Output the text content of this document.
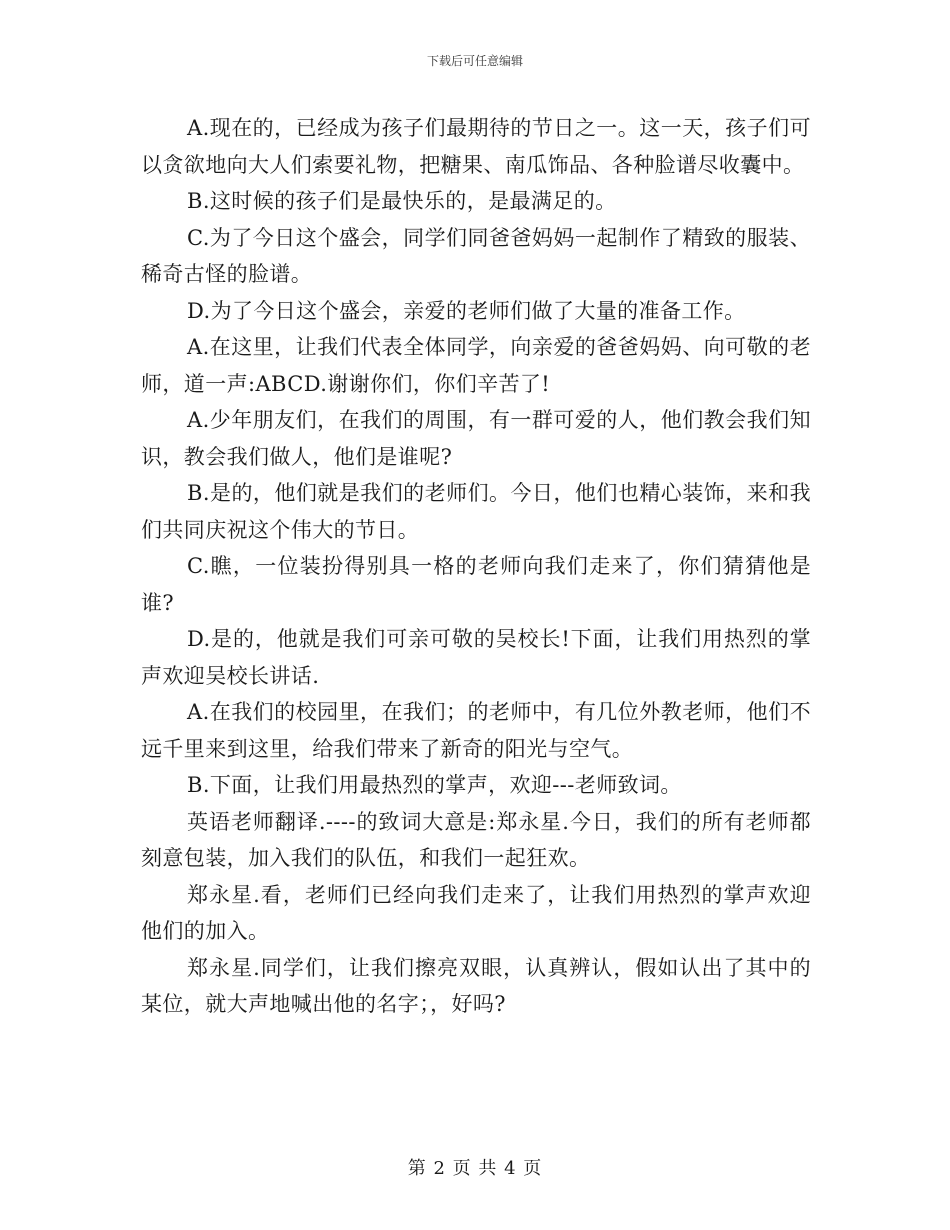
下载后可任意编辑

A.现在的，已经成为孩子们最期待的节日之一。这一天，孩子们可以贪欲地向大人们索要礼物，把糖果、南瓜饰品、各种脸谱尽收囊中。

B.这时候的孩子们是最快乐的，是最满足的。

C.为了今日这个盛会，同学们同爸爸妈妈一起制作了精致的服装、稀奇古怪的脸谱。

D.为了今日这个盛会，亲爱的老师们做了大量的准备工作。

A.在这里，让我们代表全体同学，向亲爱的爸爸妈妈、向可敬的老师，道一声:ABCD.谢谢你们，你们辛苦了!

A.少年朋友们，在我们的周围，有一群可爱的人，他们教会我们知识，教会我们做人，他们是谁呢?

B.是的，他们就是我们的老师们。今日，他们也精心装饰，来和我们共同庆祝这个伟大的节日。

C.瞧，一位装扮得别具一格的老师向我们走来了，你们猜猜他是谁?

D.是的，他就是我们可亲可敬的吴校长!下面，让我们用热烈的掌声欢迎吴校长讲话.

A.在我们的校园里，在我们；的老师中，有几位外教老师，他们不远千里来到这里，给我们带来了新奇的阳光与空气。

B.下面，让我们用最热烈的掌声，欢迎---老师致词。

英语老师翻译.----的致词大意是:郑永星.今日，我们的所有老师都刻意包装，加入我们的队伍，和我们一起狂欢。

郑永星.看，老师们已经向我们走来了，让我们用热烈的掌声欢迎他们的加入。

郑永星.同学们，让我们擦亮双眼，认真辨认，假如认出了其中的某位，就大声地喊出他的名字；，好吗?

第 2 页 共 4 页
